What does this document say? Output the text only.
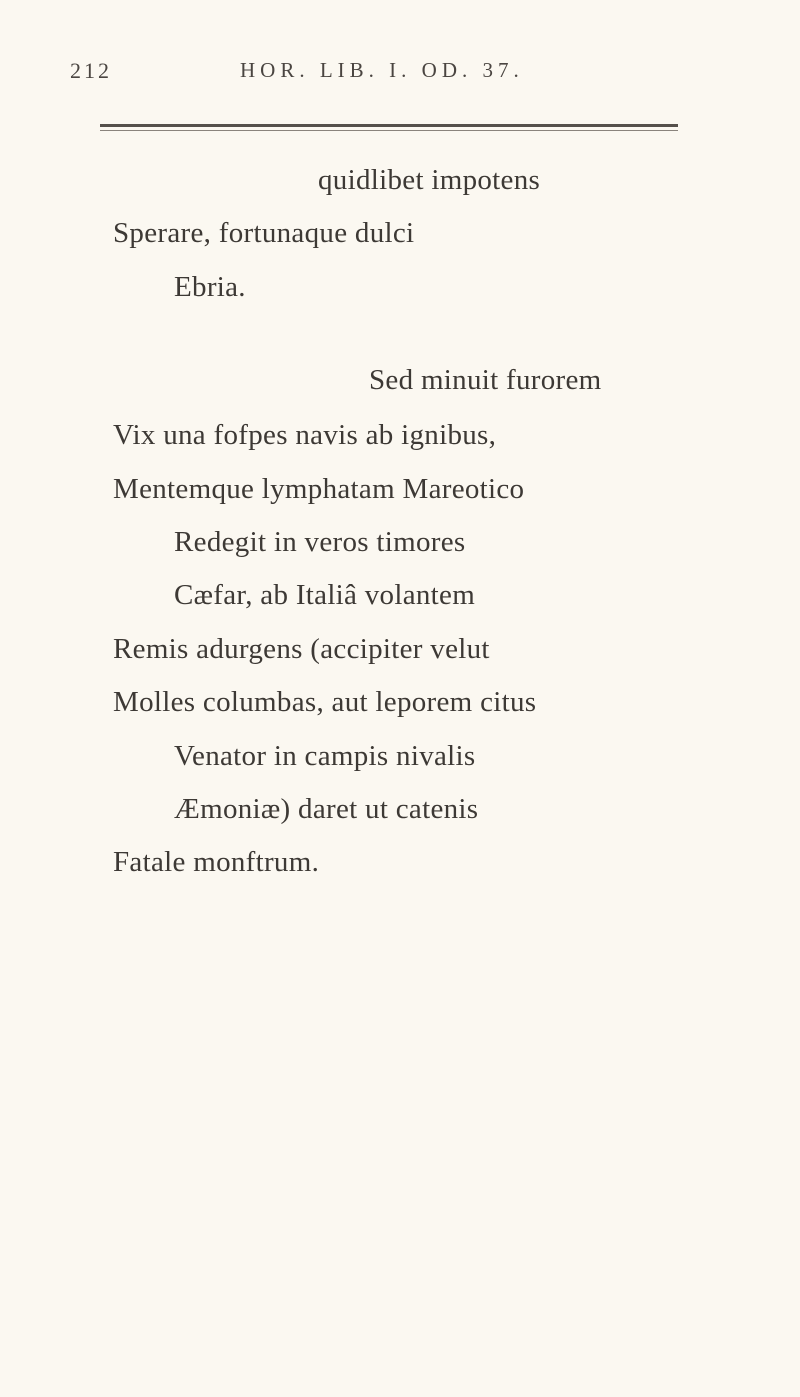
212	HOR. LIB. I. OD. 37.
quidlibet impotens
Sperare, fortunaque dulci
Ebria.
Sed minuit furorem
Vix una fofpes navis ab ignibus,
Mentemque lymphatam Mareotico
Redegit in veros timores
Cæfar, ab Italiâ volantem
Remis adurgens (accipiter velut
Molles columbas, aut leporem citus
Venator in campis nivalis
Æmoniæ) daret ut catenis
Fatale monftrum.
